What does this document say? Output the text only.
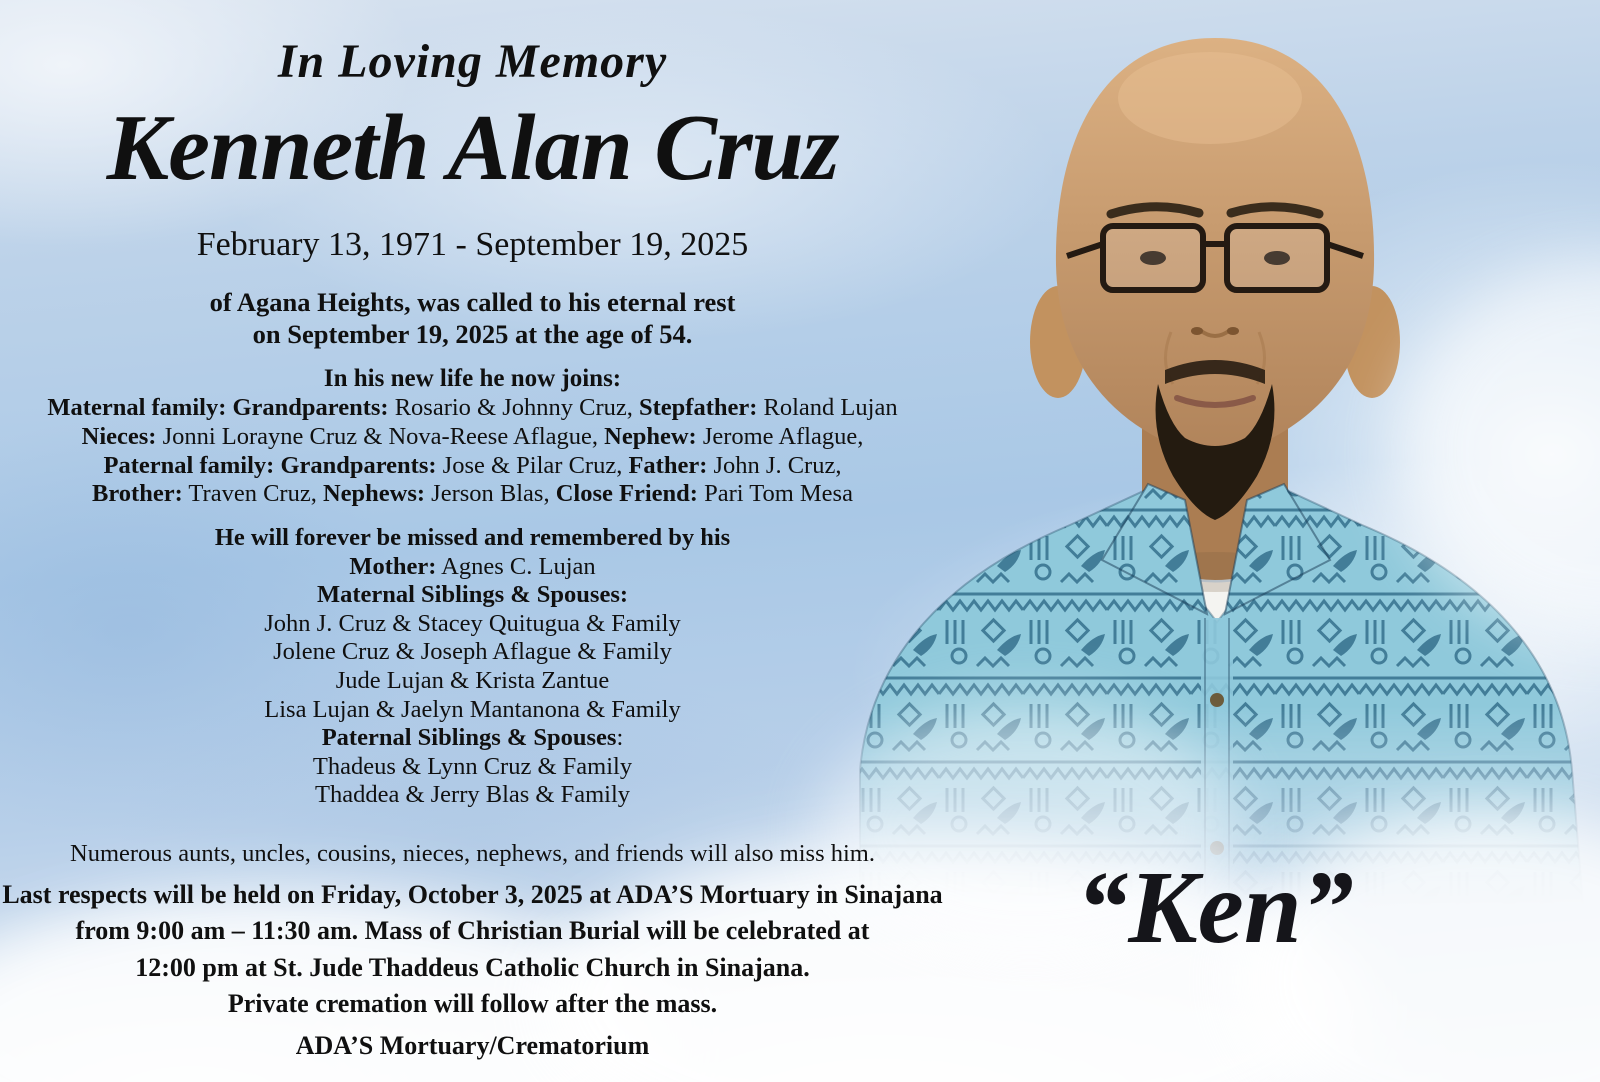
In Loving Memory
Kenneth Alan Cruz
February 13, 1971 - September 19, 2025
of Agana Heights, was called to his eternal rest
on September 19, 2025 at the age of 54.
In his new life he now joins:
Maternal family: Grandparents: Rosario & Johnny Cruz, Stepfather: Roland Lujan
Nieces: Jonni Lorayne Cruz & Nova-Reese Aflague, Nephew: Jerome Aflague,
Paternal family: Grandparents: Jose & Pilar Cruz, Father: John J. Cruz,
Brother: Traven Cruz, Nephews: Jerson Blas, Close Friend: Pari Tom Mesa
He will forever be missed and remembered by his
Mother: Agnes C. Lujan
Maternal Siblings & Spouses:
John J. Cruz & Stacey Quitugua & Family
Jolene Cruz & Joseph Aflague & Family
Jude Lujan & Krista Zantue
Lisa Lujan & Jaelyn Mantanona & Family
Paternal Siblings & Spouses:
Thadeus & Lynn Cruz & Family
Thaddea & Jerry Blas & Family
Numerous aunts, uncles, cousins, nieces, nephews, and friends will also miss him.
Last respects will be held on Friday, October 3, 2025 at ADA’S Mortuary in Sinajana
from 9:00 am – 11:30 am. Mass of Christian Burial will be celebrated at
12:00 pm at St. Jude Thaddeus Catholic Church in Sinajana.
Private cremation will follow after the mass.
ADA’S Mortuary/Crematorium
“Ken”
